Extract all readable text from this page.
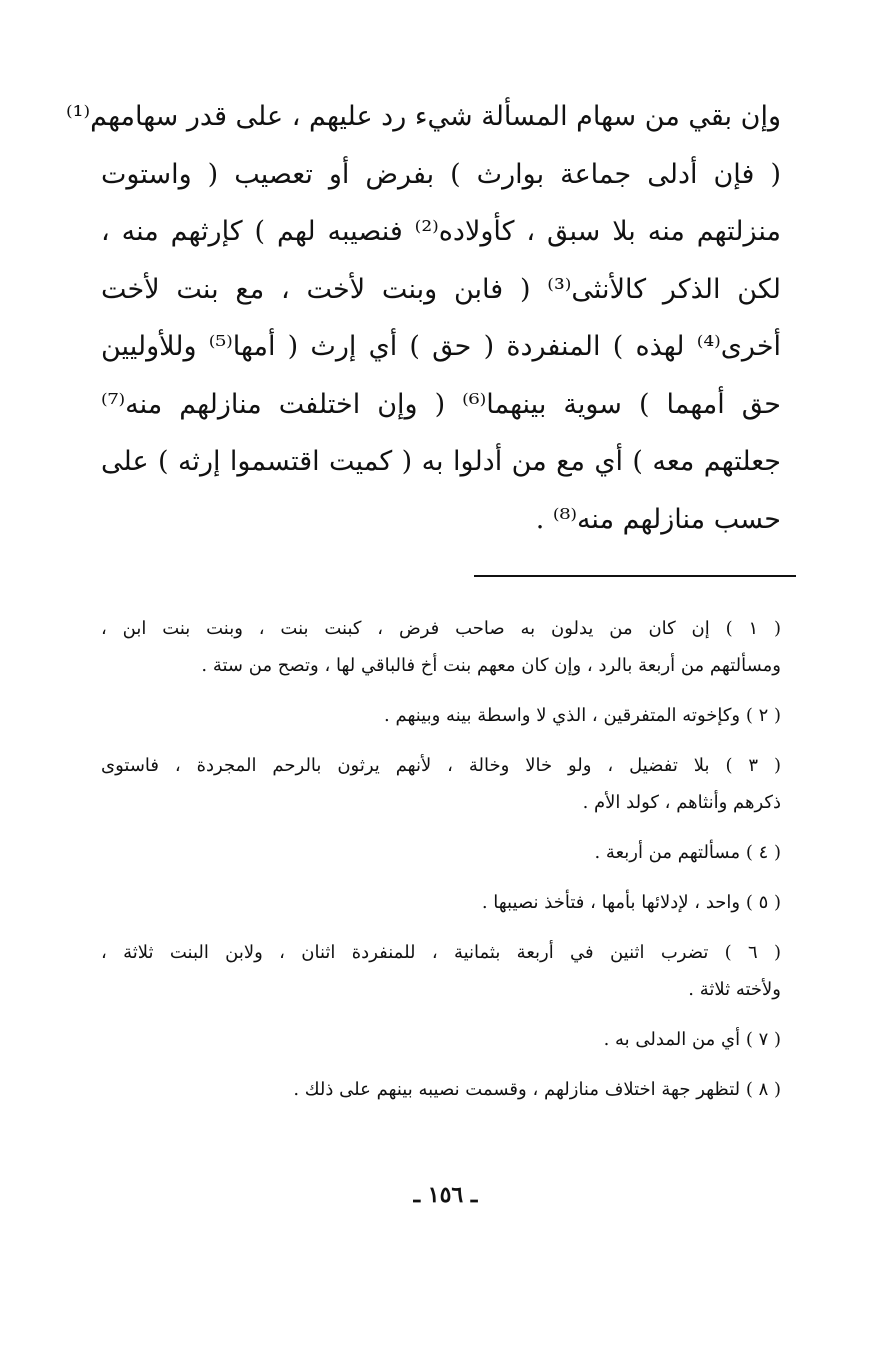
وإن بقي من سهام المسألة شيء رد عليهم ، على قدر سهامهم⁽¹⁾
( فإن أدلى جماعة بوارث ) بفرض أو تعصيب ( واستوت
منزلتهم منه بلا سبق ، كأولاده⁽²⁾ فنصيبه لهم ) كإرثهم منه ،
لكن الذكر كالأنثى⁽³⁾ ( فابن وبنت لأخت ، مع بنت لأخت
أخرى⁽⁴⁾ لهذه ) المنفردة ( حق ) أي إرث ( أمها⁽⁵⁾ وللأوليين
حق أمهما ) سوية بينهما⁽⁶⁾ ( وإن اختلفت منازلهم منه⁽⁷⁾
جعلتهم معه ) أي مع من أدلوا به ( كميت اقتسموا إرثه ) على
حسب منازلهم منه⁽⁸⁾ .
( ١ ) إن كان من يدلون به صاحب فرض ، كبنت بنت ، وبنت بنت ابن ،
ومسألتهم من أربعة بالرد ، وإن كان معهم بنت أخ فالباقي لها ، وتصح من ستة .
( ٢ ) وكإخوته المتفرقين ، الذي لا واسطة بينه وبينهم .
( ٣ ) بلا تفضيل ، ولو خالا وخالة ، لأنهم يرثون بالرحم المجردة ، فاستوى
ذكرهم وأنثاهم ، كولد الأم .
( ٤ ) مسألتهم من أربعة .
( ٥ ) واحد ، لإدلائها بأمها ، فتأخذ نصيبها .
( ٦ ) تضرب اثنين في أربعة بثمانية ، للمنفردة اثنان ، ولابن البنت ثلاثة ،
ولأخته ثلاثة .
( ٧ ) أي من المدلى به .
( ٨ ) لتظهر جهة اختلاف منازلهم ، وقسمت نصيبه بينهم على ذلك .
ـ ١٥٦ ـ
